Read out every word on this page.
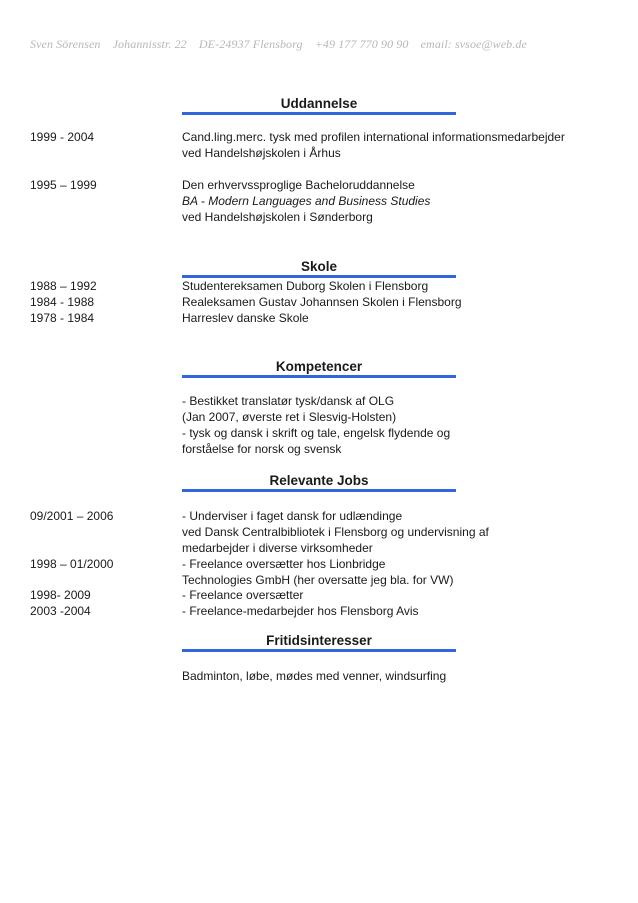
Sven Sörensen Johannisstr. 22 DE-24937 Flensborg +49 177 770 90 90 email: svsoe@web.de
Uddannelse
1999 - 2004	Cand.ling.merc. tysk med profilen international informationsmedarbejder
ved Handelshøjskolen i Århus
1995 – 1999	Den erhvervssproglige Bacheloruddannelse
BA - Modern Languages and Business Studies
ved Handelshøjskolen i Sønderborg
Skole
1988 – 1992	Studentereksamen Duborg Skolen i Flensborg
1984 - 1988	Realeksamen Gustav Johannsen Skolen i Flensborg
1978 - 1984	Harreslev danske Skole
Kompetencer
- Bestikket translatør tysk/dansk af OLG
(Jan 2007, øverste ret i Slesvig-Holsten)
- tysk og dansk i skrift og tale, engelsk flydende og
forståelse for norsk og svensk
Relevante Jobs
09/2001 – 2006	- Underviser i faget dansk for udlændinge
ved Dansk Centralbibliotek i Flensborg og undervisning af
medarbejder i diverse virksomheder
1998 – 01/2000	- Freelance oversætter hos Lionbridge
Technologies GmbH (her oversatte jeg bla. for VW)
1998- 2009	- Freelance oversætter
2003 -2004	- Freelance-medarbejder hos Flensborg Avis
Fritidsinteresser
Badminton, løbe, mødes med venner, windsurfing
